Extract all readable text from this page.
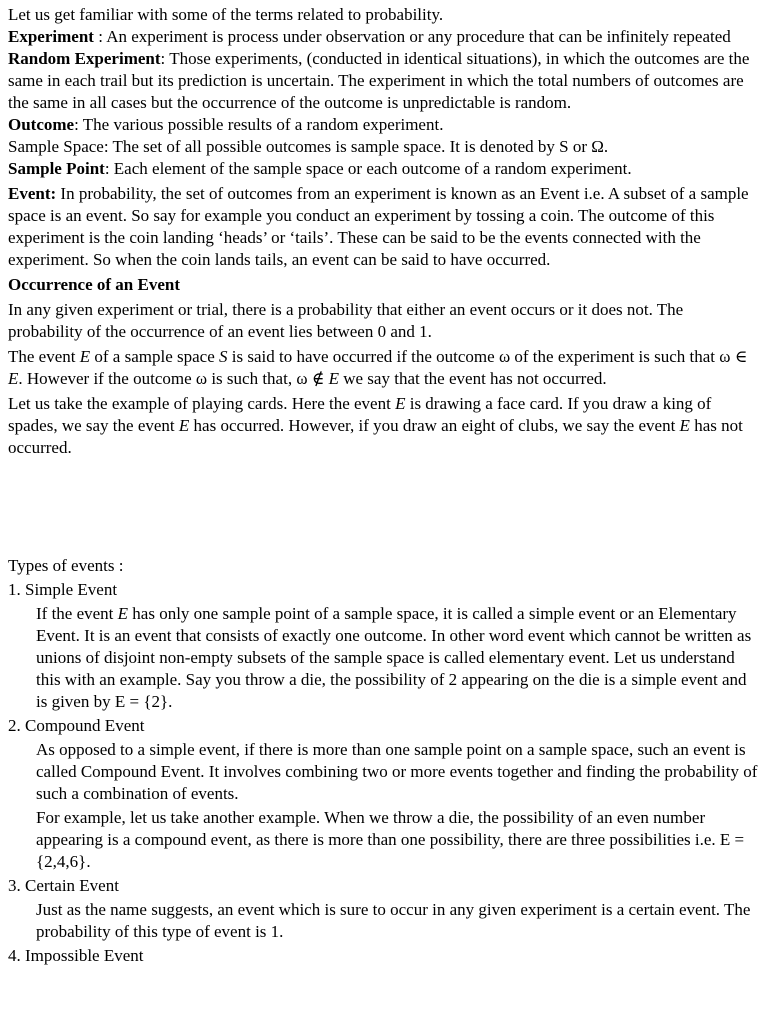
Let us get familiar with some of the terms related to probability.

Experiment : An experiment is process under observation or any procedure that can be infinitely repeated

Random Experiment: Those experiments, (conducted in identical situations), in which the outcomes are the same in each trail but its prediction is uncertain. The experiment in which the total numbers of outcomes are the same in all cases but the occurrence of the outcome is unpredictable is random.

Outcome: The various possible results of a random experiment.

Sample Space: The set of all possible outcomes is sample space. It is denoted by S or Ω.

Sample Point: Each element of the sample space or each outcome of a random experiment.

Event: In probability, the set of outcomes from an experiment is known as an Event i.e. A subset of a sample space is an event. So say for example you conduct an experiment by tossing a coin. The outcome of this experiment is the coin landing ‘heads’ or ‘tails’. These can be said to be the events connected with the experiment. So when the coin lands tails, an event can be said to have occurred.

Occurrence of an Event

In any given experiment or trial, there is a probability that either an event occurs or it does not. The probability of the occurrence of an event lies between 0 and 1.

The event E of a sample space S is said to have occurred if the outcome ω of the experiment is such that ω ∈ E. However if the outcome ω is such that, ω ∉ E we say that the event has not occurred.

Let us take the example of playing cards. Here the event E is drawing a face card. If you draw a king of spades, we say the event E has occurred. However, if you draw an eight of clubs, we say the event E has not occurred.

Types of events :

1. Simple Event

If the event E has only one sample point of a sample space, it is called a simple event or an Elementary Event. It is an event that consists of exactly one outcome. In other word event which cannot be written as unions of disjoint non-empty subsets of the sample space is called elementary event. Let us understand this with an example. Say you throw a die, the possibility of 2 appearing on the die is a simple event and is given by E = {2}.

2. Compound Event

As opposed to a simple event, if there is more than one sample point on a sample space, such an event is called Compound Event. It involves combining two or more events together and finding the probability of such a combination of events.

For example, let us take another example. When we throw a die, the possibility of an even number appearing is a compound event, as there is more than one possibility, there are three possibilities i.e. E = {2,4,6}.

3. Certain Event

Just as the name suggests, an event which is sure to occur in any given experiment is a certain event. The probability of this type of event is 1.

4. Impossible Event
